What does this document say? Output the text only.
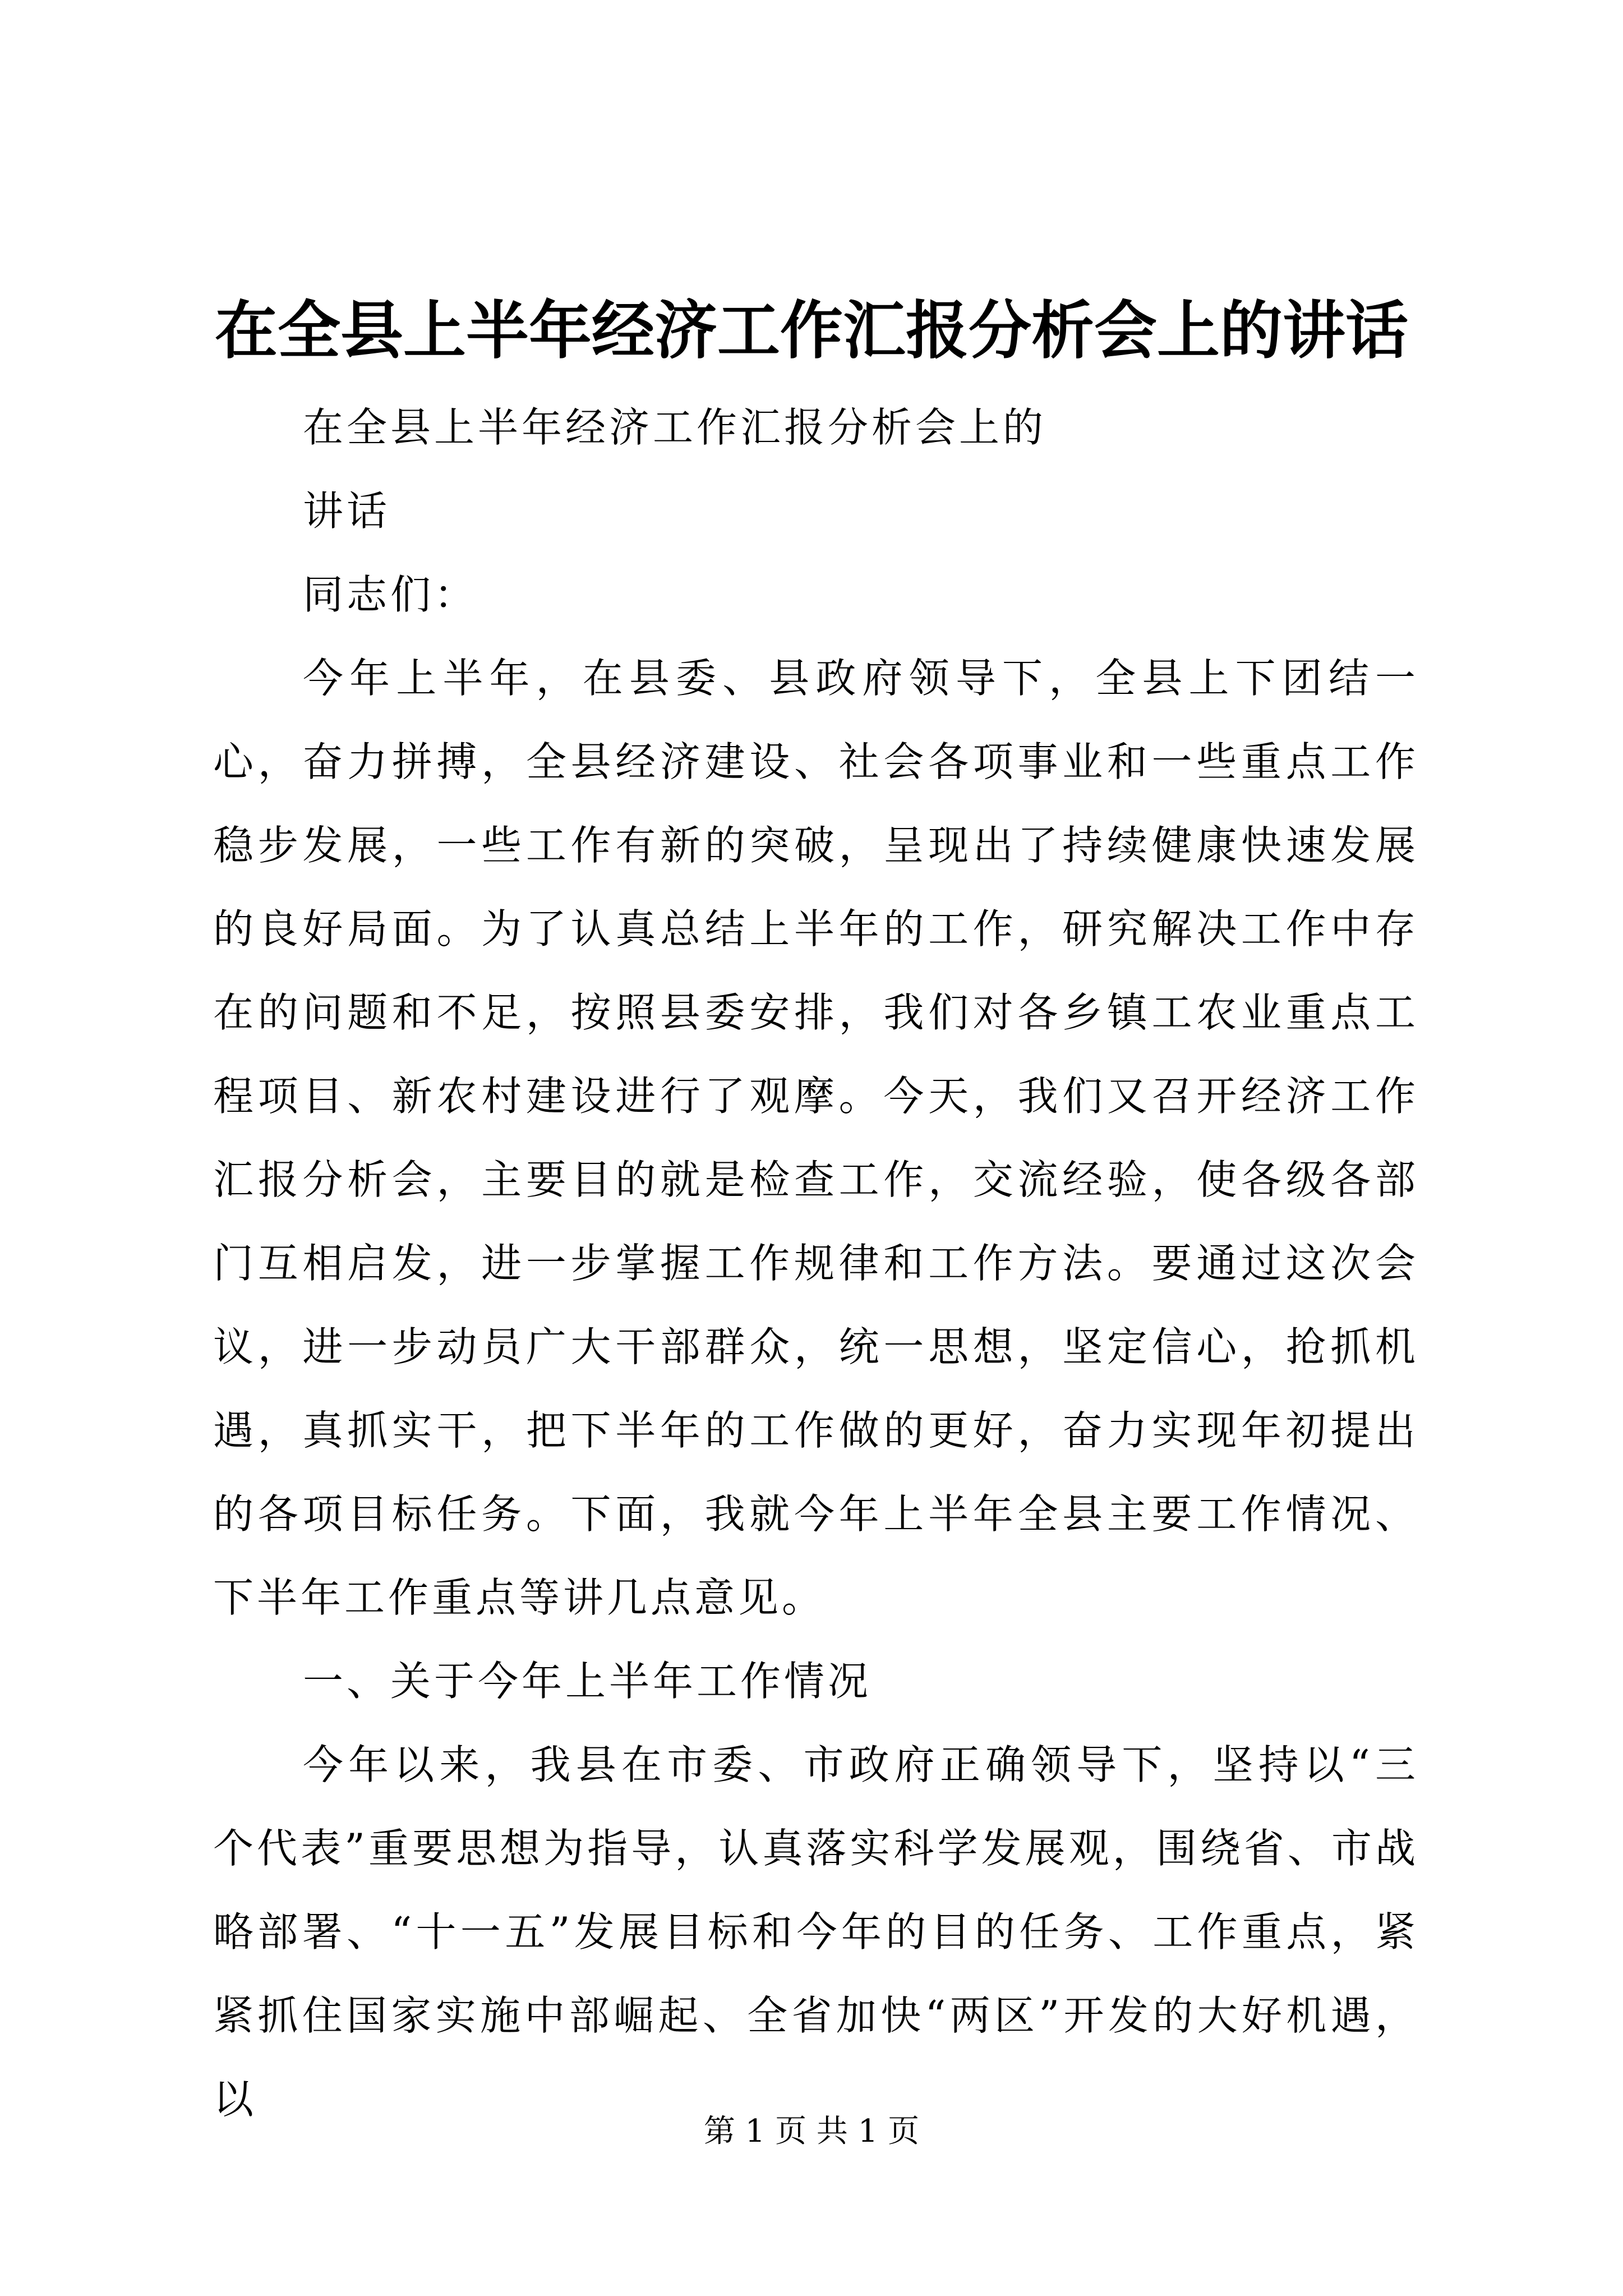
在全县上半年经济工作汇报分析会上的讲话

在全县上半年经济工作汇报分析会上的

讲话

同志们：

今年上半年，在县委、县政府领导下，全县上下团结一心，奋力拼搏，全县经济建设、社会各项事业和一些重点工作稳步发展，一些工作有新的突破，呈现出了持续健康快速发展的良好局面。为了认真总结上半年的工作，研究解决工作中存在的问题和不足，按照县委安排，我们对各乡镇工农业重点工程项目、新农村建设进行了观摩。今天，我们又召开经济工作汇报分析会，主要目的就是检查工作，交流经验，使各级各部门互相启发，进一步掌握工作规律和工作方法。要通过这次会议，进一步动员广大干部群众，统一思想，坚定信心，抢抓机遇，真抓实干，把下半年的工作做的更好，奋力实现年初提出的各项目标任务。下面，我就今年上半年全县主要工作情况、下半年工作重点等讲几点意见。

一、关于今年上半年工作情况

今年以来，我县在市委、市政府正确领导下，坚持以“三个代表”重要思想为指导，认真落实科学发展观，围绕省、市战略部署、“十一五”发展目标和今年的目的任务、工作重点，紧紧抓住国家实施中部崛起、全省加快“两区”开发的大好机遇，以

第 1 页 共 1 页
